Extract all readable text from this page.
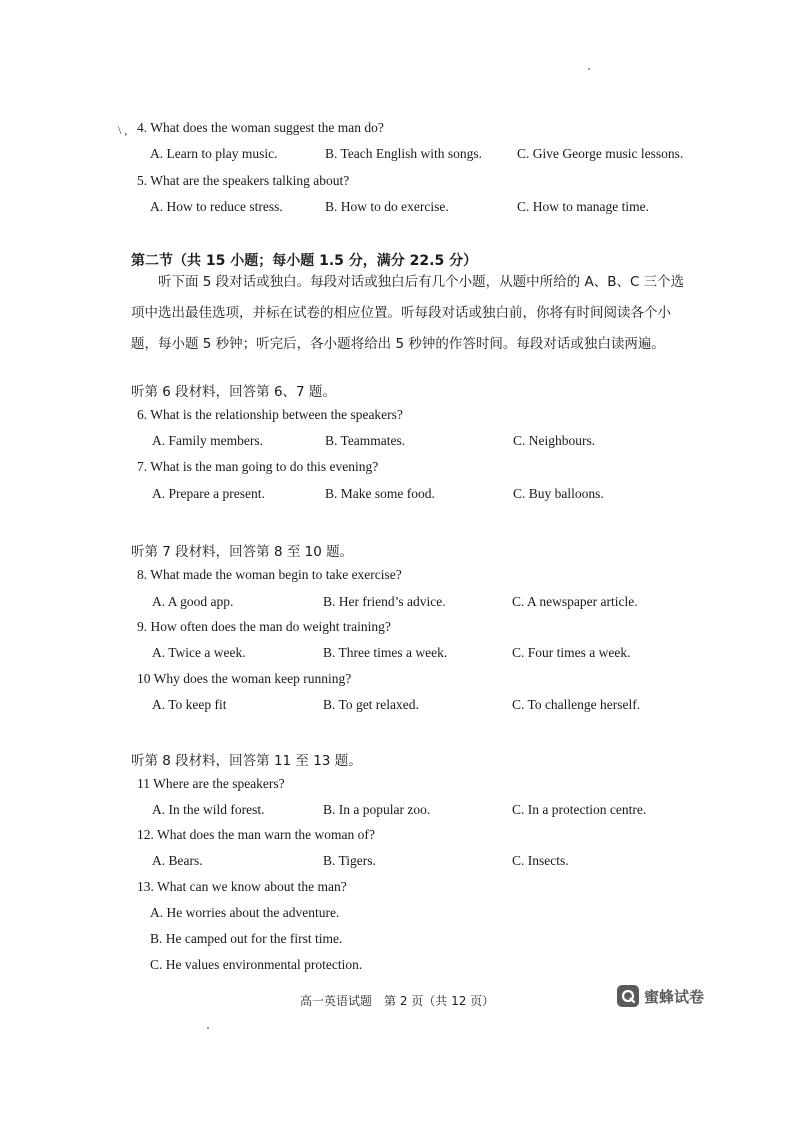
\ , 4. What does the woman suggest the man do?
A. Learn to play music.	B. Teach English with songs.	C. Give George music lessons.
5. What are the speakers talking about?
A. How to reduce stress.	B. How to do exercise.	C. How to manage time.
第二节（共 15 小题；每小题 1.5 分，满分 22.5 分）
听下面 5 段对话或独白。每段对话或独白后有几个小题，从题中所给的 A、B、C 三个选项中选出最佳选项，并标在试卷的相应位置。听每段对话或独白前，你将有时间阅读各个小题，每小题 5 秒钟；听完后，各小题将给出 5 秒钟的作答时间。每段对话或独白读两遍。
听第 6 段材料，回答第 6、7 题。
6. What is the relationship between the speakers?
A. Family members.	B. Teammates.	C. Neighbours.
7. What is the man going to do this evening?
A. Prepare a present.	B. Make some food.	C. Buy balloons.
听第 7 段材料，回答第 8 至 10 题。
8. What made the woman begin to take exercise?
A. A good app.	B. Her friend’s advice.	C. A newspaper article.
9. How often does the man do weight training?
A. Twice a week.	B. Three times a week.	C. Four times a week.
10 Why does the woman keep running?
A. To keep fit	B. To get relaxed.	C. To challenge herself.
听第 8 段材料，回答第 11 至 13 题。
11 Where are the speakers?
A. In the wild forest.	B. In a popular zoo.	C. In a protection centre.
12. What does the man warn the woman of?
A. Bears.	B. Tigers.	C. Insects.
13. What can we know about the man?
A. He worries about the adventure.
B. He camped out for the first time.
C. He values environmental protection.
高一英语试题　第 2 页（共 12 页）	蜜蜂试卷
